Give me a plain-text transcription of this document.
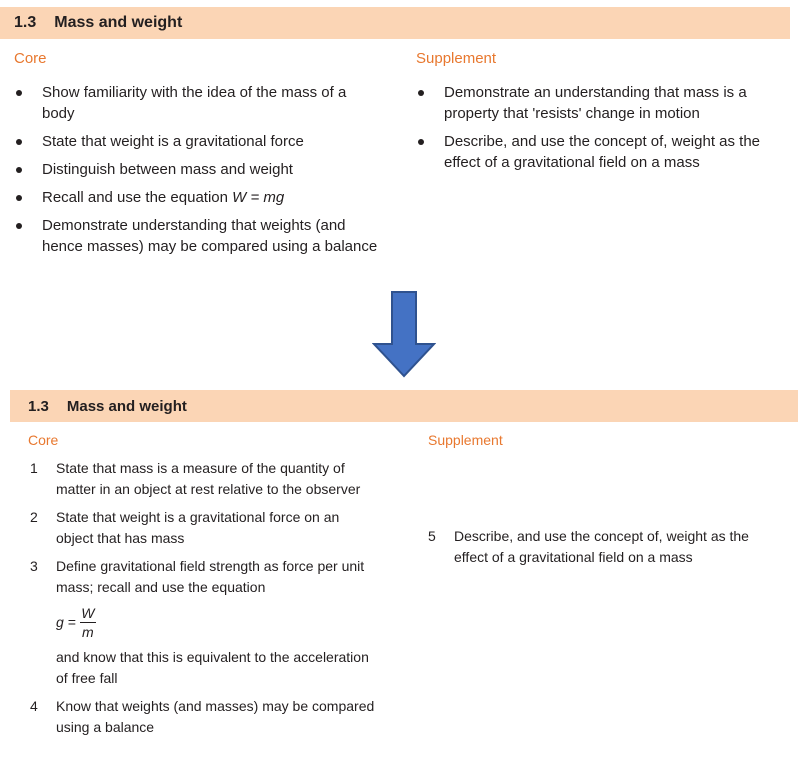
1.3 Mass and weight
Core	Supplement
Show familiarity with the idea of the mass of a body
State that weight is a gravitational force
Distinguish between mass and weight
Recall and use the equation W = mg
Demonstrate understanding that weights (and hence masses) may be compared using a balance
Demonstrate an understanding that mass is a property that 'resists' change in motion
Describe, and use the concept of, weight as the effect of a gravitational field on a mass
1.3 Mass and weight
Core	Supplement
1 State that mass is a measure of the quantity of matter in an object at rest relative to the observer
2 State that weight is a gravitational force on an object that has mass
3 Define gravitational field strength as force per unit mass; recall and use the equation
$g = \frac{W}{m}$
and know that this is equivalent to the acceleration of free fall
4 Know that weights (and masses) may be compared using a balance
5 Describe, and use the concept of, weight as the effect of a gravitational field on a mass
